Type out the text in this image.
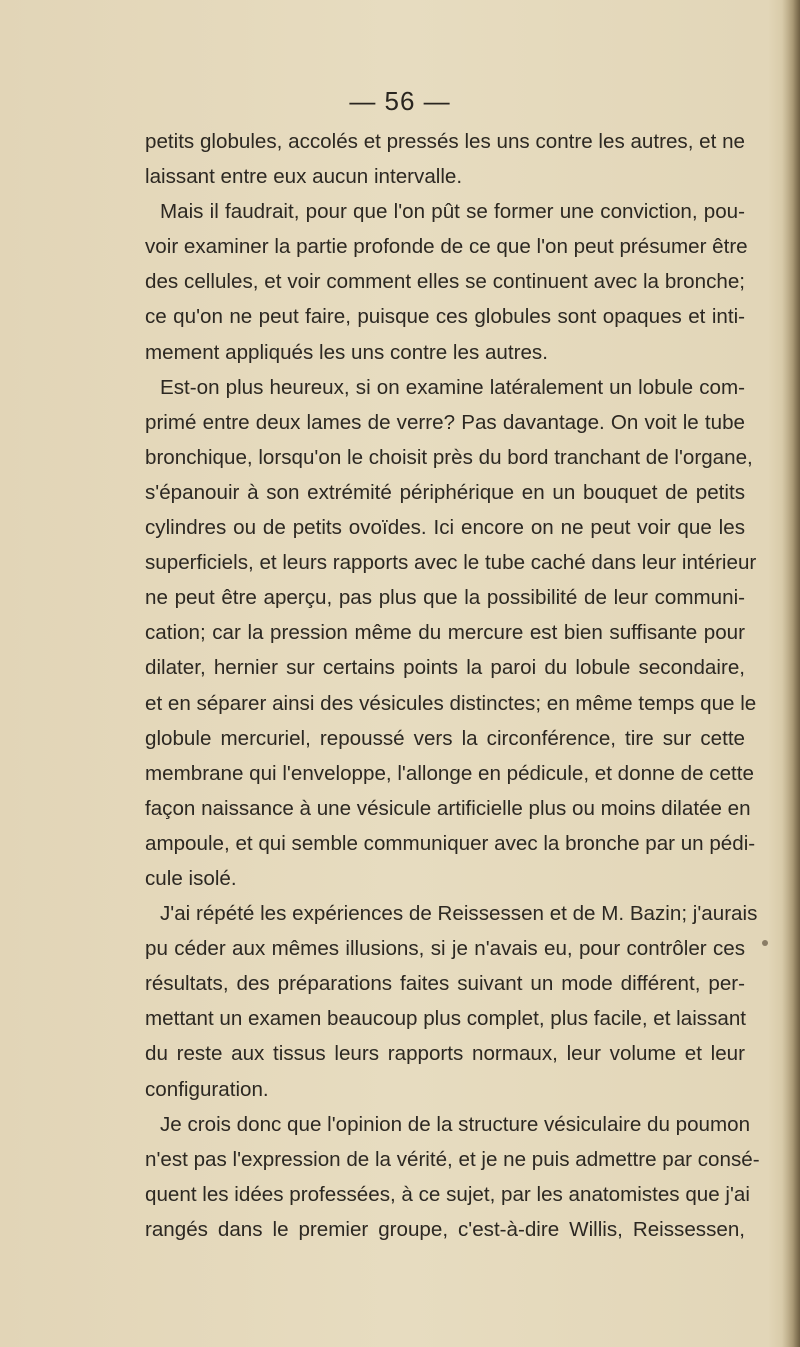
— 56 —
petits globules, accolés et pressés les uns contre les autres, et ne
laissant entre eux aucun intervalle.
Mais il faudrait, pour que l'on pût se former une conviction, pou-
voir examiner la partie profonde de ce que l'on peut présumer être
des cellules, et voir comment elles se continuent avec la bronche;
ce qu'on ne peut faire, puisque ces globules sont opaques et inti-
mement appliqués les uns contre les autres.
Est-on plus heureux, si on examine latéralement un lobule com-
primé entre deux lames de verre? Pas davantage. On voit le tube
bronchique, lorsqu'on le choisit près du bord tranchant de l'organe,
s'épanouir à son extrémité périphérique en un bouquet de petits
cylindres ou de petits ovoïdes. Ici encore on ne peut voir que les
superficiels, et leurs rapports avec le tube caché dans leur intérieur
ne peut être aperçu, pas plus que la possibilité de leur communi-
cation; car la pression même du mercure est bien suffisante pour
dilater, hernier sur certains points la paroi du lobule secondaire,
et en séparer ainsi des vésicules distinctes; en même temps que le
globule mercuriel, repoussé vers la circonférence, tire sur cette
membrane qui l'enveloppe, l'allonge en pédicule, et donne de cette
façon naissance à une vésicule artificielle plus ou moins dilatée en
ampoule, et qui semble communiquer avec la bronche par un pédi-
cule isolé.
J'ai répété les expériences de Reissessen et de M. Bazin; j'aurais
pu céder aux mêmes illusions, si je n'avais eu, pour contrôler ces
résultats, des préparations faites suivant un mode différent, per-
mettant un examen beaucoup plus complet, plus facile, et laissant
du reste aux tissus leurs rapports normaux, leur volume et leur
configuration.
Je crois donc que l'opinion de la structure vésiculaire du poumon
n'est pas l'expression de la vérité, et je ne puis admettre par consé-
quent les idées professées, à ce sujet, par les anatomistes que j'ai
rangés dans le premier groupe, c'est-à-dire Willis, Reissessen,
